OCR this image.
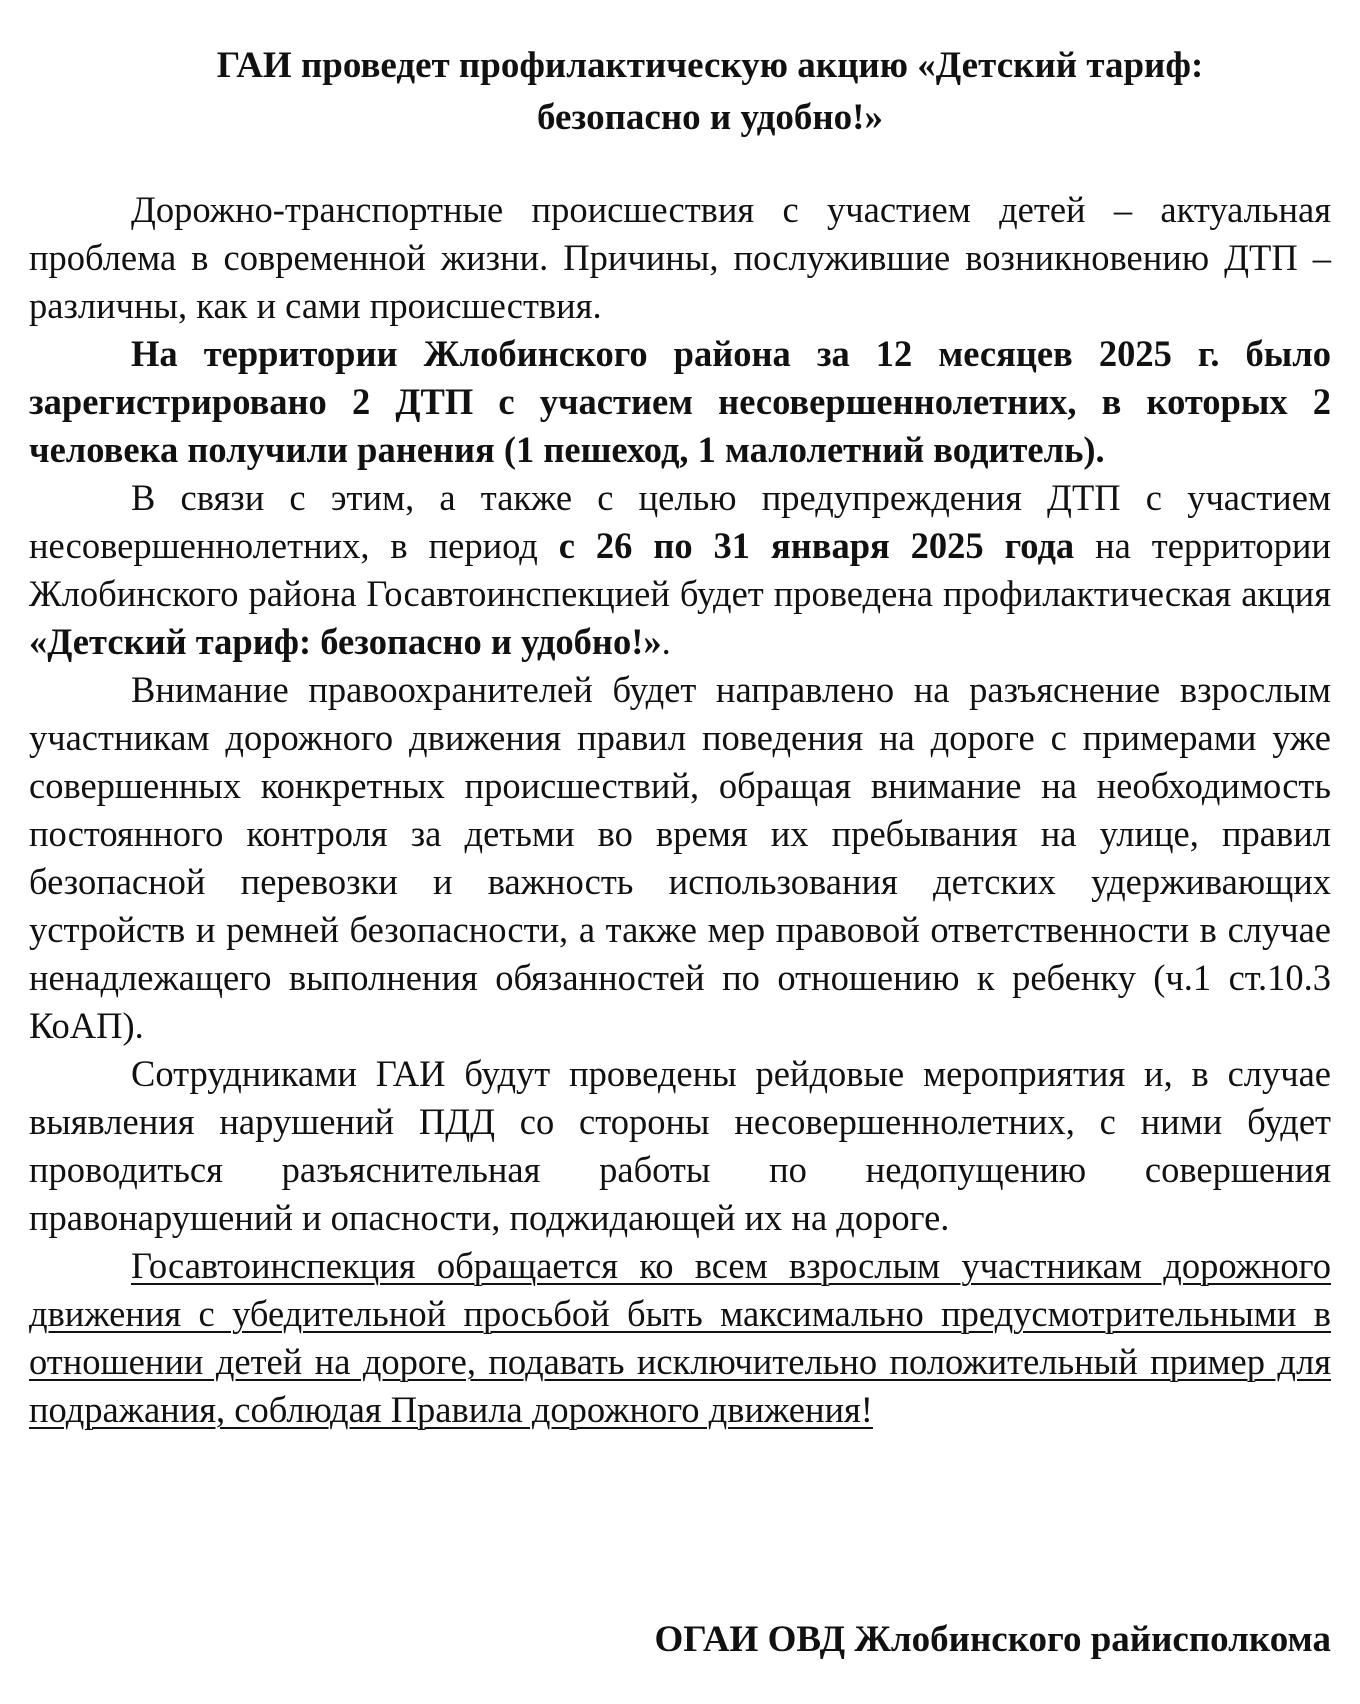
ГАИ проведет профилактическую акцию «Детский тариф:
безопасно и удобно!»

Дорожно-транспортные происшествия с участием детей – актуальная проблема в современной жизни. Причины, послужившие возникновению ДТП – различны, как и сами происшествия.

На территории Жлобинского района за 12 месяцев 2025 г. было зарегистрировано 2 ДТП с участием несовершеннолетних, в которых 2 человека получили ранения (1 пешеход, 1 малолетний водитель).

В связи с этим, а также с целью предупреждения ДТП с участием несовершеннолетних, в период с 26 по 31 января 2025 года на территории Жлобинского района Госавтоинспекцией будет проведена профилактическая акция «Детский тариф: безопасно и удобно!».

Внимание правоохранителей будет направлено на разъяснение взрослым участникам дорожного движения правил поведения на дороге с примерами уже совершенных конкретных происшествий, обращая внимание на необходимость постоянного контроля за детьми во время их пребывания на улице, правил безопасной перевозки и важность использования детских удерживающих устройств и ремней безопасности, а также мер правовой ответственности в случае ненадлежащего выполнения обязанностей по отношению к ребенку (ч.1 ст.10.3 КоАП).

Сотрудниками ГАИ будут проведены рейдовые мероприятия и, в случае выявления нарушений ПДД со стороны несовершеннолетних, с ними будет проводиться разъяснительная работы по недопущению совершения правонарушений и опасности, поджидающей их на дороге.

Госавтоинспекция обращается ко всем взрослым участникам дорожного движения с убедительной просьбой быть максимально предусмотрительными в отношении детей на дороге, подавать исключительно положительный пример для подражания, соблюдая Правила дорожного движения!

ОГАИ ОВД Жлобинского райисполкома
